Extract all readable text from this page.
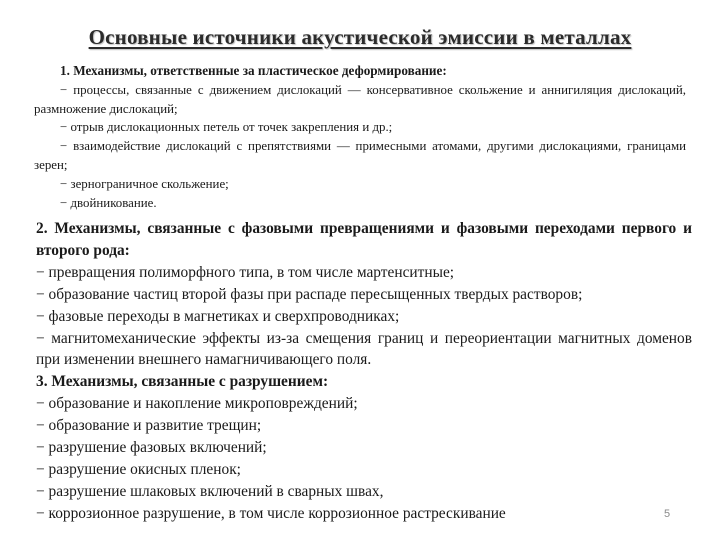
Основные источники акустической эмиссии в металлах

1. Механизмы, ответственные за пластическое деформирование:

− процессы, связанные с движением дислокаций — консервативное скольжение и аннигиляция дислокаций, размножение дислокаций;

− отрыв дислокационных петель от точек закрепления и др.;

− взаимодействие дислокаций с препятствиями — примесными атомами, другими дислокациями, границами зерен;

− зернограничное скольжение;

− двойникование.

2. Механизмы, связанные с фазовыми превращениями и фазовыми переходами первого и второго рода:

− превращения полиморфного типа, в том числе мартенситные;

− образование частиц второй фазы при распаде пересыщенных твердых растворов;

− фазовые переходы в магнетиках и сверхпроводниках;

− магнитомеханические эффекты из-за смещения границ и переориентации магнитных доменов при изменении внешнего намагничивающего поля.

3. Механизмы, связанные с разрушением:

− образование и накопление микроповреждений;

− образование и развитие трещин;

− разрушение фазовых включений;

− разрушение окисных пленок;

− разрушение шлаковых включений в сварных швах,

− коррозионное разрушение, в том числе коррозионное растрескивание	5
